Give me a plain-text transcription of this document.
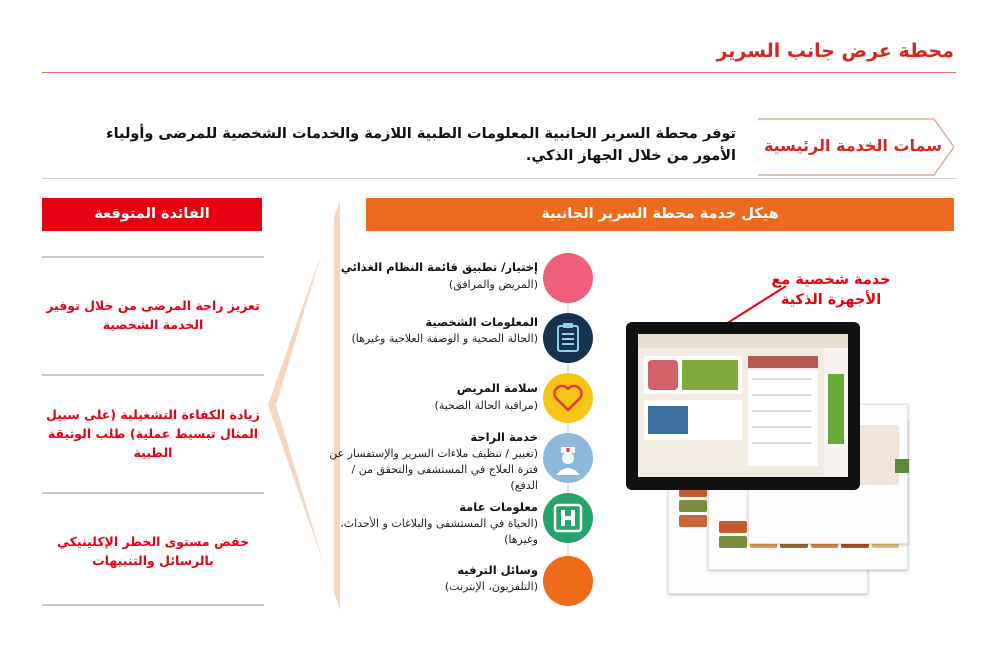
محطة عرض جانب السرير
سمات الخدمة الرئيسية
توفر محطة السرير الجانبية المعلومات الطبية اللازمة والخدمات الشخصية للمرضى وأولياء الأمور من خلال الجهاز الذكي.
هيكل خدمة محطة السرير الجانبية
الفائدة المتوقعة
تعزيز راحة المرضى من خلال توفير الخدمة الشخصية
زيادة الكفاءة التشغيلية (على سبيل المثال تبسيط عملية) طلب الوثيقة الطبية
خفض مستوى الخطر الإكلينيكي بالرسائل والتنبيهات
إختيار/ تطبيق قائمة النظام الغذائي
(المريض والمرافق)
المعلومات الشخصية
(الحالة الصحية و الوصفة العلاجية وغيرها)
سلامة المريض
(مراقبة الحالة الصحية)
خدمة الراحة
(تغيير / تنظيف ملاءات السرير والإستفسار عن فترة العلاج في المستشفى والتحقق من / الدفع)
معلومات عامة
(الحياة في المستشفى والبلاغات و الأحداث، وغيرها)
وسائل الترفيه
(التلفزيون، الإنترنت)
خدمة شخصية مع الأجهزة الذكية
